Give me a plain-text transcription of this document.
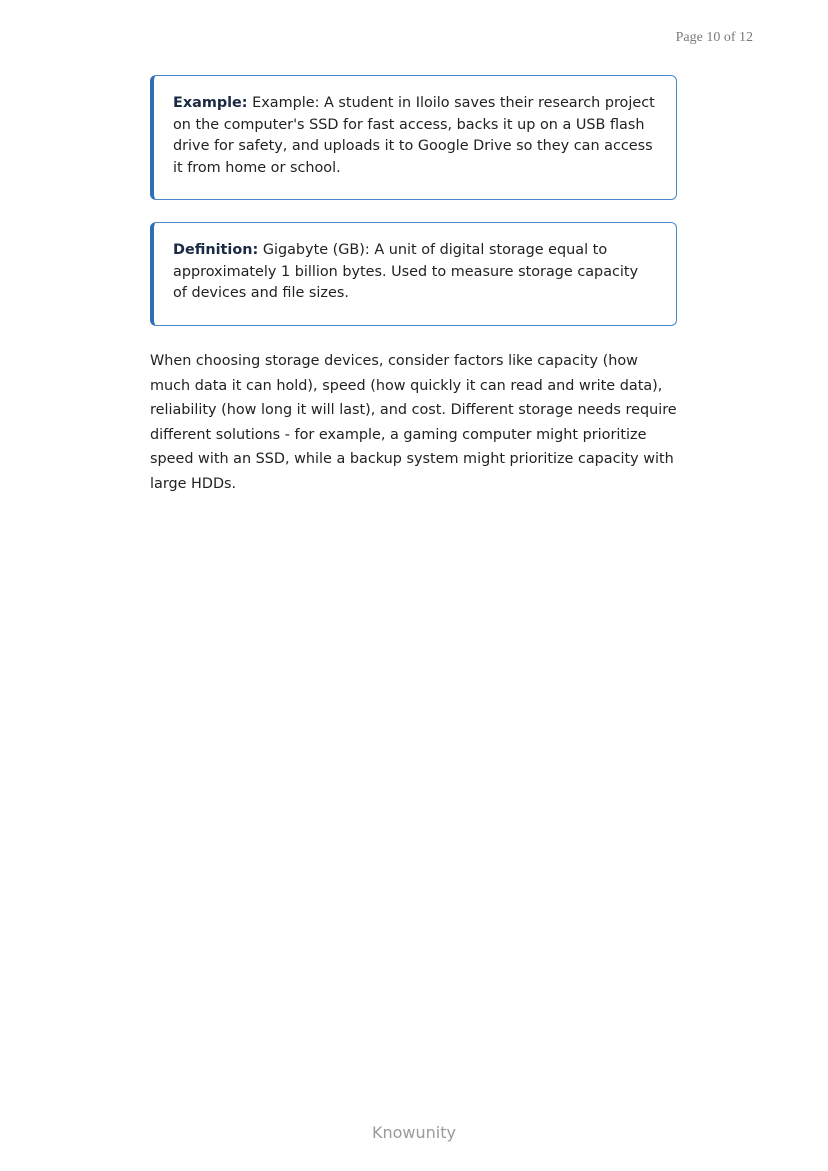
Page 10 of 12
Example: Example: A student in Iloilo saves their research project on the computer's SSD for fast access, backs it up on a USB flash drive for safety, and uploads it to Google Drive so they can access it from home or school.
Definition: Gigabyte (GB): A unit of digital storage equal to approximately 1 billion bytes. Used to measure storage capacity of devices and file sizes.

When choosing storage devices, consider factors like capacity (how much data it can hold), speed (how quickly it can read and write data), reliability (how long it will last), and cost. Different storage needs require different solutions - for example, a gaming computer might prioritize speed with an SSD, while a backup system might prioritize capacity with large HDDs.

Knowunity
